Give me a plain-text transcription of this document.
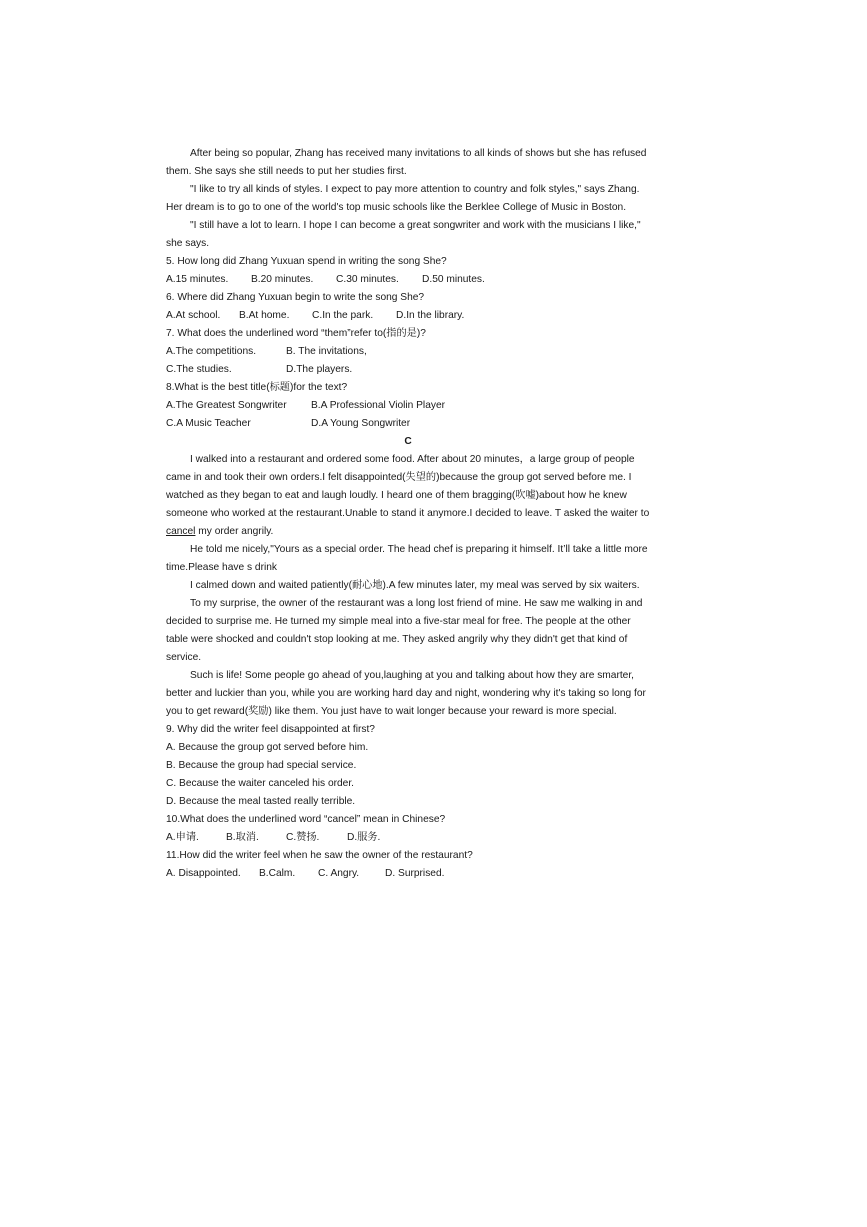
After being so popular, Zhang has received many invitations to all kinds of shows but she has refused them. She says she still needs to put her studies first.

"I like to try all kinds of styles. I expect to pay more attention to country and folk styles," says Zhang. Her dream is to go to one of the world's top music schools like the Berklee College of Music in Boston.

"I still have a lot to learn. I hope I can become a great songwriter and work with the musicians I like," she says.

5. How long did Zhang Yuxuan spend in writing the song She?

A.15 minutes.	B.20 minutes.	C.30 minutes.	D.50 minutes.

6. Where did Zhang Yuxuan begin to write the song She?

A.At school.	B.At home.	C.In the park.	D.In the library.

7. What does the underlined word “them”refer to(指的是)?

A.The competitions.	B. The invitations,
C.The studies.	D.The players.

8.What is the best title(标题)for the text?

A.The Greatest Songwriter	B.A Professional Violin Player
C.A Music Teacher	D.A Young Songwriter

C

I walked into a restaurant and ordered some food. After about 20 minutes，a large group of people came in and took their own orders.I felt disappointed(失望的)because the group got served before me. I watched as they began to eat and laugh loudly. I heard one of them bragging(吹嘘)about how he knew someone who worked at the restaurant.Unable to stand it anymore.I decided to leave. T asked the waiter to cancel my order angrily.

He told me nicely,"Yours as a special order. The head chef is preparing it himself. It’ll take a little more time.Please have s drink

I calmed down and waited patiently(耐心地).A few minutes later, my meal was served by six waiters.

To my surprise, the owner of the restaurant was a long lost friend of mine. He saw me walking in and decided to surprise me. He turned my simple meal into a five-star meal for free. The people at the other table were shocked and couldn't stop looking at me. They asked angrily why they didn't get that kind of service.

Such is life! Some people go ahead of you,laughing at you and talking about how they are smarter, better and luckier than you, while you are working hard day and night, wondering why it's taking so long for you to get reward(奖励) like them. You just have to wait longer because your reward is more special.

9. Why did the writer feel disappointed at first?

A. Because the group got served before him.

B. Because the group had special service.

C. Because the waiter canceled his order.

D. Because the meal tasted really terrible.

10.What does the underlined word “cancel” mean in Chinese?

A.申请.	B.取消.	C.赞扬.	D.服务.

11.How did the writer feel when he saw the owner of the restaurant?

A. Disappointed.	B.Calm.	C. Angry.	D. Surprised.
